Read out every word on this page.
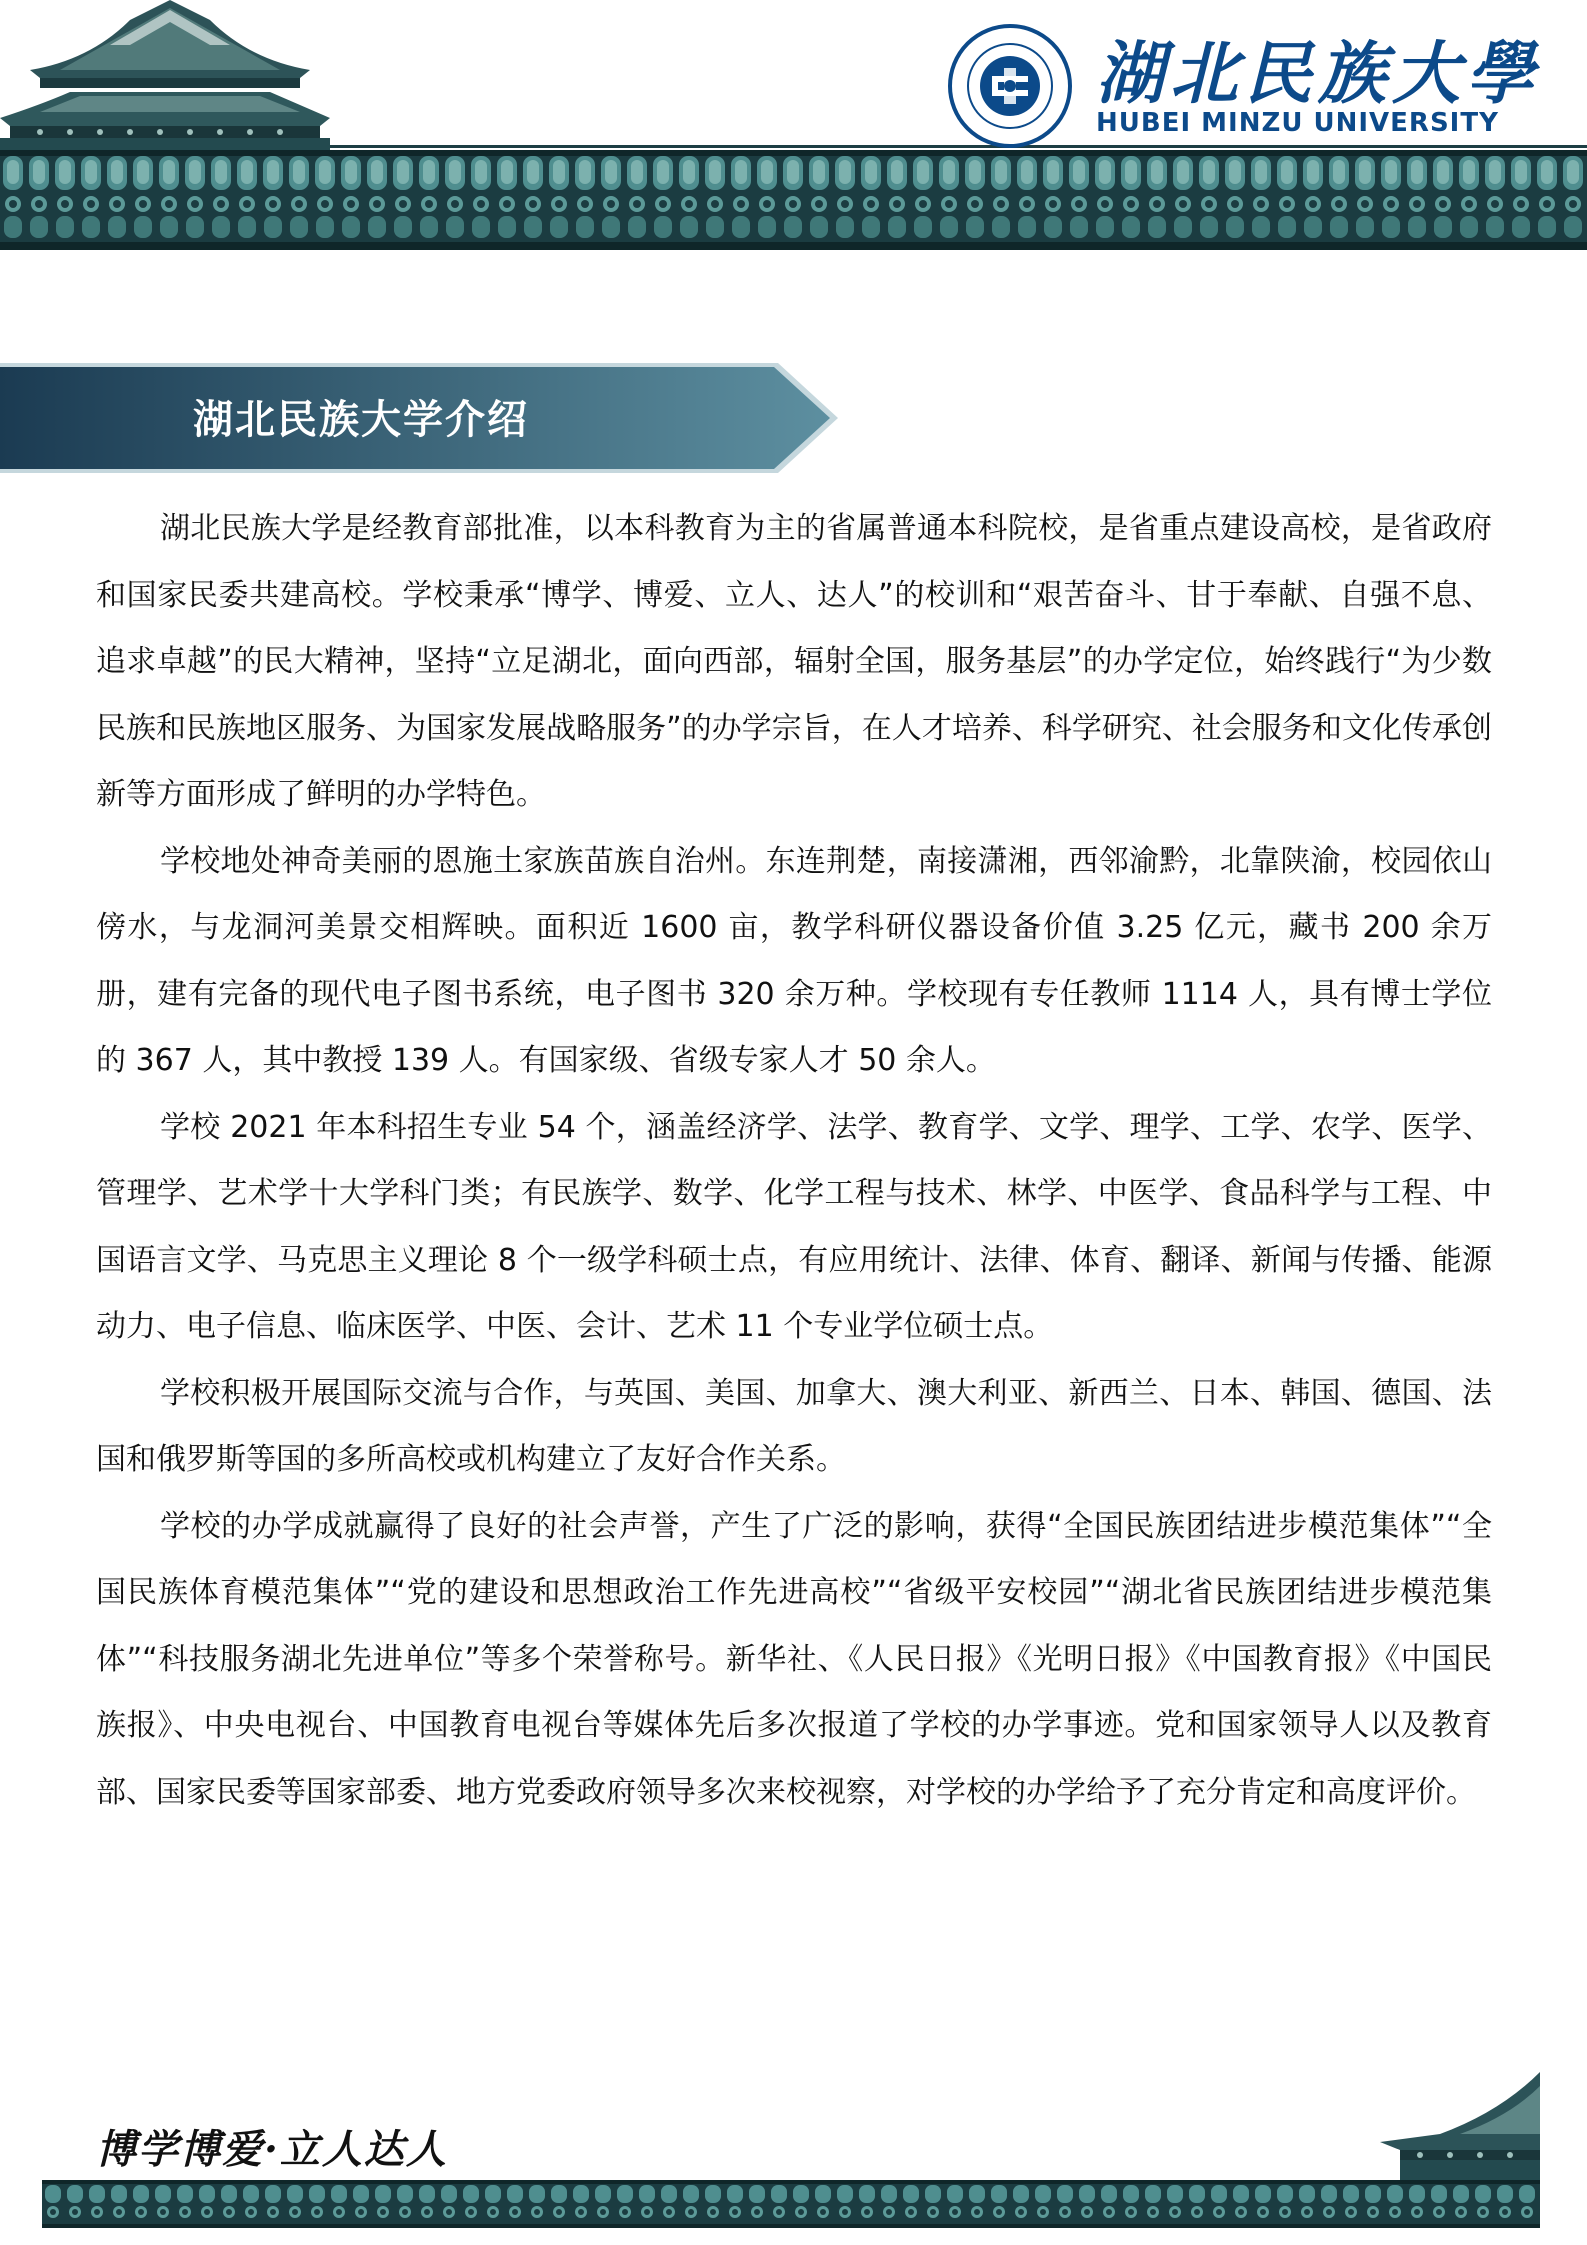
湖北民族大學
HUBEI MINZU UNIVERSITY
湖北民族大学介绍

湖北民族大学是经教育部批准，以本科教育为主的省属普通本科院校，是省重点建设高校，是省政府和国家民委共建高校。学校秉承“博学、博爱、立人、达人”的校训和“艰苦奋斗、甘于奉献、自强不息、追求卓越”的民大精神，坚持“立足湖北，面向西部，辐射全国，服务基层”的办学定位，始终践行“为少数民族和民族地区服务、为国家发展战略服务”的办学宗旨，在人才培养、科学研究、社会服务和文化传承创新等方面形成了鲜明的办学特色。

学校地处神奇美丽的恩施土家族苗族自治州。东连荆楚，南接潇湘，西邻渝黔，北靠陕渝，校园依山傍水，与龙洞河美景交相辉映。面积近 1600 亩，教学科研仪器设备价值 3.25 亿元，藏书 200 余万册，建有完备的现代电子图书系统，电子图书 320 余万种。学校现有专任教师 1114 人，具有博士学位的 367 人，其中教授 139 人。有国家级、省级专家人才 50 余人。

学校 2021 年本科招生专业 54 个，涵盖经济学、法学、教育学、文学、理学、工学、农学、医学、管理学、艺术学十大学科门类；有民族学、数学、化学工程与技术、林学、中医学、食品科学与工程、中国语言文学、马克思主义理论 8 个一级学科硕士点，有应用统计、法律、体育、翻译、新闻与传播、能源动力、电子信息、临床医学、中医、会计、艺术 11 个专业学位硕士点。

学校积极开展国际交流与合作，与英国、美国、加拿大、澳大利亚、新西兰、日本、韩国、德国、法国和俄罗斯等国的多所高校或机构建立了友好合作关系。

学校的办学成就赢得了良好的社会声誉，产生了广泛的影响，获得“全国民族团结进步模范集体”“全国民族体育模范集体”“党的建设和思想政治工作先进高校”“省级平安校园”“湖北省民族团结进步模范集体”“科技服务湖北先进单位”等多个荣誉称号。新华社、《人民日报》《光明日报》《中国教育报》《中国民族报》、中央电视台、中国教育电视台等媒体先后多次报道了学校的办学事迹。党和国家领导人以及教育部、国家民委等国家部委、地方党委政府领导多次来校视察，对学校的办学给予了充分肯定和高度评价。

博学博爱·立人达人
